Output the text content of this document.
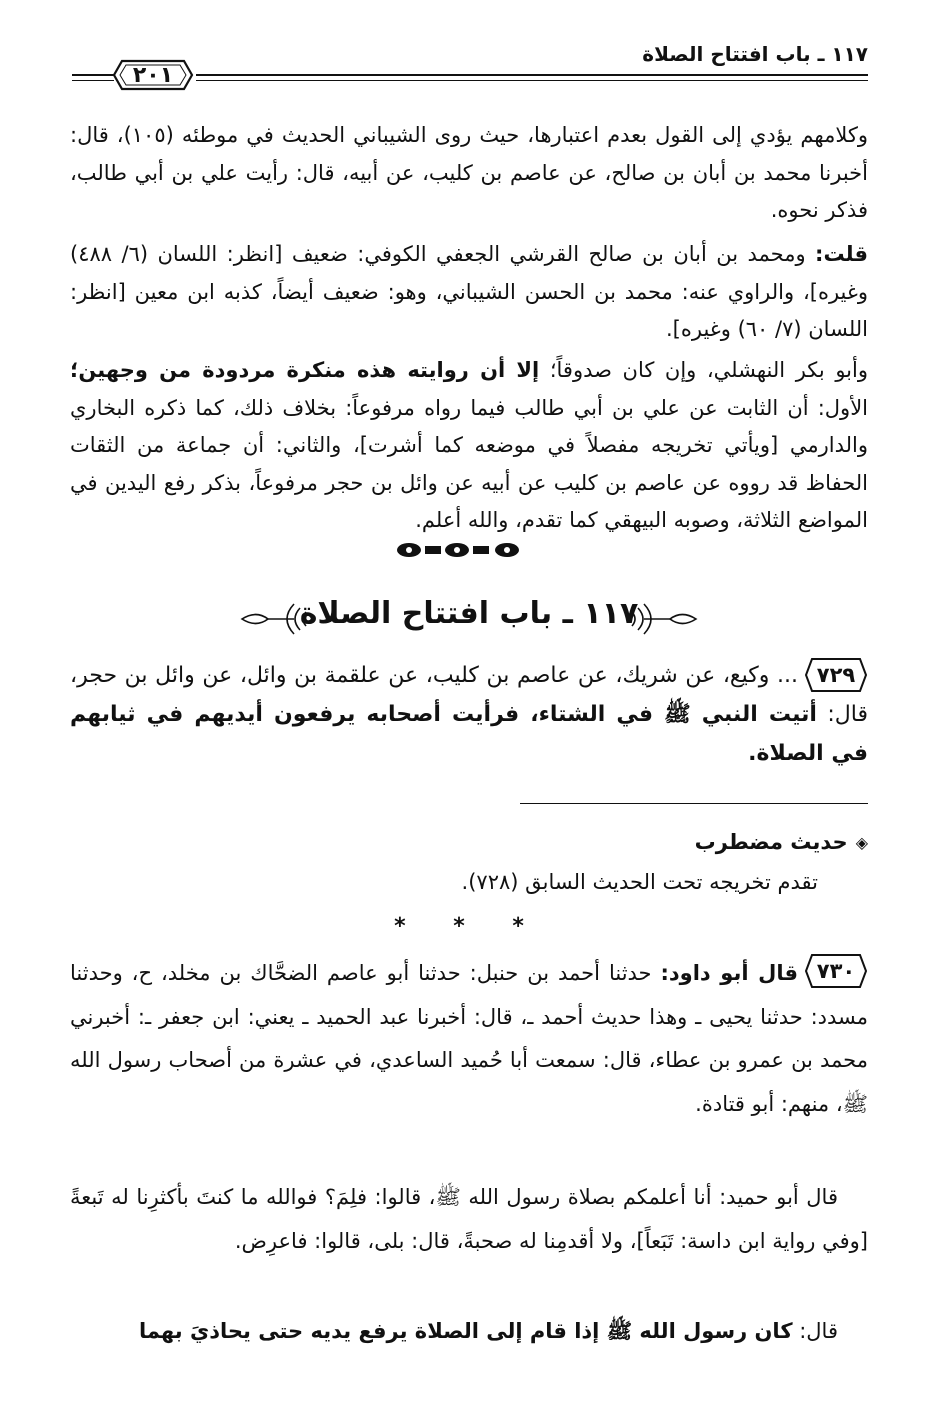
١١٧ ـ باب افتتاح الصلاة
٢٠١
وكلامهم يؤدي إلى القول بعدم اعتبارها، حيث روى الشيباني الحديث في موطئه (١٠٥)، قال: أخبرنا محمد بن أبان بن صالح، عن عاصم بن كليب، عن أبيه، قال: رأيت علي بن أبي طالب، فذكر نحوه.
قلت: ومحمد بن أبان بن صالح القرشي الجعفي الكوفي: ضعيف [انظر: اللسان (٦/ ٤٨٨) وغيره]، والراوي عنه: محمد بن الحسن الشيباني، وهو: ضعيف أيضاً، كذبه ابن معين [انظر: اللسان (٧/ ٦٠) وغيره].
وأبو بكر النهشلي، وإن كان صدوقاً؛ إلا أن روايته هذه منكرة مردودة من وجهين؛ الأول: أن الثابت عن علي بن أبي طالب فيما رواه مرفوعاً: بخلاف ذلك، كما ذكره البخاري والدارمي [ويأتي تخريجه مفصلاً في موضعه كما أشرت]، والثاني: أن جماعة من الثقات الحفاظ قد رووه عن عاصم بن كليب عن أبيه عن وائل بن حجر مرفوعاً، بذكر رفع اليدين في المواضع الثلاثة، وصوبه البيهقي كما تقدم، والله أعلم.
١١٧ ـ باب افتتاح الصلاة
٧٢٩
... وكيع، عن شريك، عن عاصم بن كليب، عن علقمة بن وائل، عن وائل بن حجر، قال: أتيت النبي ﷺ في الشتاء، فرأيت أصحابه يرفعون أيديهم في ثيابهم في الصلاة.
◈
حديث مضطرب
تقدم تخريجه تحت الحديث السابق (٧٢٨).
* * *
٧٣٠
قال أبو داود: حدثنا أحمد بن حنبل: حدثنا أبو عاصم الضحَّاك بن مخلد، ح، وحدثنا مسدد: حدثنا يحيى ـ وهذا حديث أحمد ـ، قال: أخبرنا عبد الحميد ـ يعني: ابن جعفر ـ: أخبرني محمد بن عمرو بن عطاء، قال: سمعت أبا حُميد الساعدي، في عشرة من أصحاب رسول الله ﷺ، منهم: أبو قتادة.
قال أبو حميد: أنا أعلمكم بصلاة رسول الله ﷺ، قالوا: فلِمَ؟ فوالله ما كنتَ بأكثرِنا له تَبعةً [وفي رواية ابن داسة: تَبَعاً]، ولا أقدمِنا له صحبةً، قال: بلى، قالوا: فاعرِض.
قال: كان رسول الله ﷺ إذا قام إلى الصلاة يرفع يديه حتى يحاذيَ بهما
